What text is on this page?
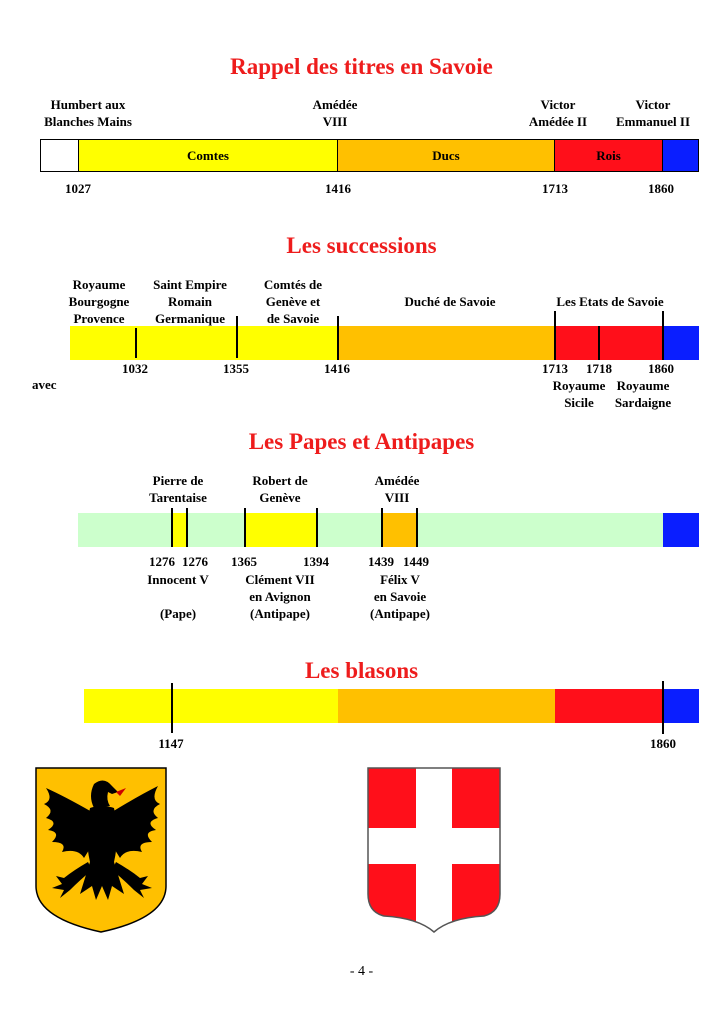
Rappel des titres en Savoie
Humbert aux
Blanches Mains
Amédée
VIII
Victor
Amédée II
Victor
Emmanuel II
Comtes	Ducs	Rois
1027	1416	1713	1860
Les successions
Royaume
Bourgogne
Provence
Saint Empire
Romain
Germanique
Comtés de
Genève et
de Savoie
Duché de Savoie	Les Etats de Savoie
1032	1355	1416	1713	1718	1860
avec	Royaume
Sicile
Royaume
Sardaigne
Les Papes et Antipapes
Pierre de
Tarentaise
Robert de
Genève
Amédée
VIII
1276 1276	1365	1394	1439 1449
Innocent V

(Pape)
Clément VII
en Avignon
(Antipape)
Félix V
en Savoie
(Antipape)
Les blasons
1147	1860
- 4 -
